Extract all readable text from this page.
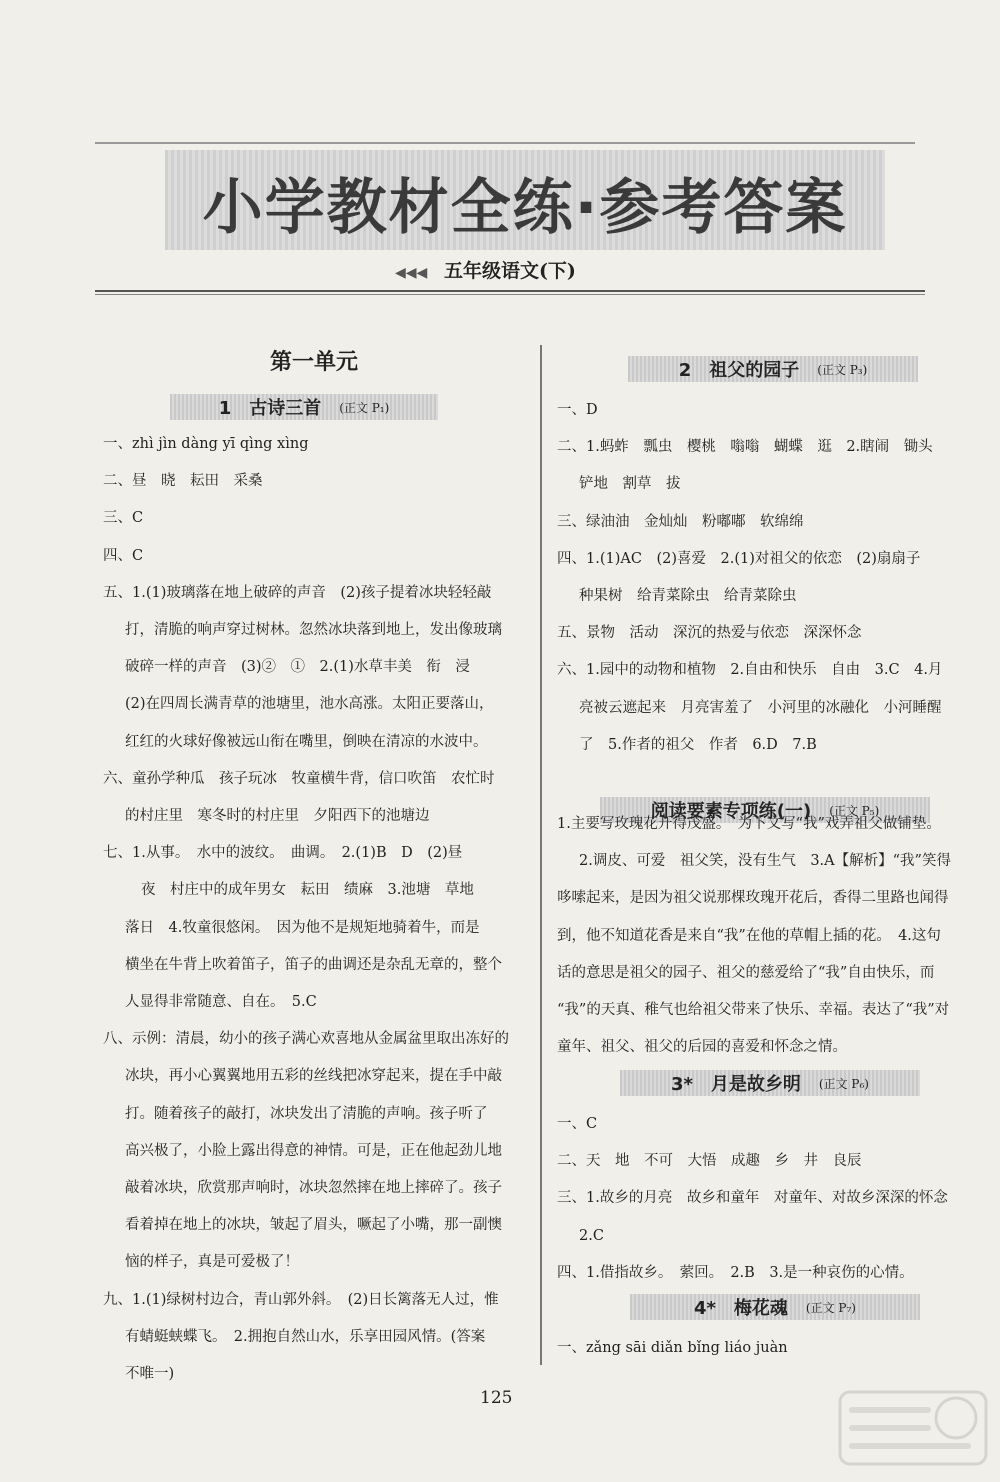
小学教材全练·参考答案
◀◀◀ 五年级语文(下)
第一单元
1　古诗三首 (正文 P₁)
2　祖父的园子 (正文 P₃)
阅读要素专项练(一) (正文 P₅)
3*　月是故乡明 (正文 P₆)
4*　梅花魂 (正文 P₇)

一、zhì jìn dàng yī qìng xìng

二、昼　晓　耘田　采桑

三、C

四、C

五、1.(1)玻璃落在地上破碎的声音　(2)孩子提着冰块轻轻敲

打，清脆的响声穿过树林。忽然冰块落到地上，发出像玻璃

破碎一样的声音　(3)②　①　2.(1)水草丰美　衔　浸

(2)在四周长满青草的池塘里，池水高涨。太阳正要落山，

红红的火球好像被远山衔在嘴里，倒映在清凉的水波中。

六、童孙学种瓜　孩子玩冰　牧童横牛背，信口吹笛　农忙时

的村庄里　寒冬时的村庄里　夕阳西下的池塘边

七、1.从事。　水中的波纹。　曲调。　2.(1)B　D　(2)昼

夜　村庄中的成年男女　耘田　绩麻　3.池塘　草地

落日　4.牧童很悠闲。　因为他不是规矩地骑着牛，而是

横坐在牛背上吹着笛子，笛子的曲调还是杂乱无章的，整个

人显得非常随意、自在。　5.C

八、示例：清晨，幼小的孩子满心欢喜地从金属盆里取出冻好的

冰块，再小心翼翼地用五彩的丝线把冰穿起来，提在手中敲

打。随着孩子的敲打，冰块发出了清脆的声响。孩子听了

高兴极了，小脸上露出得意的神情。可是，正在他起劲儿地

敲着冰块，欣赏那声响时，冰块忽然摔在地上摔碎了。孩子

看着掉在地上的冰块，皱起了眉头，噘起了小嘴，那一副懊

恼的样子，真是可爱极了！

九、1.(1)绿树村边合，青山郭外斜。　(2)日长篱落无人过，惟

有蜻蜓蛱蝶飞。　2.拥抱自然山水，乐享田园风情。(答案

不唯一)

一、D

二、1.蚂蚱　瓢虫　樱桃　嗡嗡　蝴蝶　逛　2.瞎闹　锄头

铲地　割草　拔

三、绿油油　金灿灿　粉嘟嘟　软绵绵

四、1.(1)AC　(2)喜爱　2.(1)对祖父的依恋　(2)扇扇子

种果树　给青菜除虫　给青菜除虫

五、景物　活动　深沉的热爱与依恋　深深怀念

六、1.园中的动物和植物　2.自由和快乐　自由　3.C　4.月

亮被云遮起来　月亮害羞了　小河里的冰融化　小河睡醒

了　5.作者的祖父　作者　6.D　7.B

1.主要写玫瑰花开得茂盛。　为下文写“我”戏弄祖父做铺垫。

2.调皮、可爱　祖父笑，没有生气　3.A【解析】“我”笑得

哆嗦起来，是因为祖父说那棵玫瑰开花后，香得二里路也闻得

到，他不知道花香是来自“我”在他的草帽上插的花。　4.这句

话的意思是祖父的园子、祖父的慈爱给了“我”自由快乐，而

“我”的天真、稚气也给祖父带来了快乐、幸福。表达了“我”对

童年、祖父、祖父的后园的喜爱和怀念之情。

一、C

二、天　地　不可　大悟　成趣　乡　井　良辰

三、1.故乡的月亮　故乡和童年　对童年、对故乡深深的怀念

2.C

四、1.借指故乡。　萦回。　2.B　3.是一种哀伤的心情。

一、zǎng sāi diǎn bǐng liáo juàn

125
